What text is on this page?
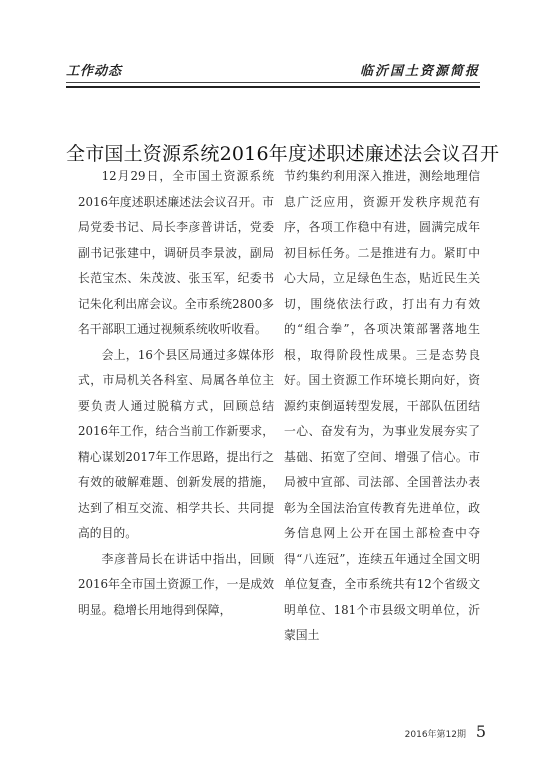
工作动态	临沂国土资源简报
全市国土资源系统2016年度述职述廉述法会议召开

12月29日，全市国土资源系统2016年度述职述廉述法会议召开。市局党委书记、局长李彦普讲话，党委副书记张建中，调研员李景波，副局长范宝杰、朱茂波、张玉军，纪委书记朱化利出席会议。全市系统2800多名干部职工通过视频系统收听收看。

会上，16个县区局通过多媒体形式，市局机关各科室、局属各单位主要负责人通过脱稿方式，回顾总结2016年工作，结合当前工作新要求，精心谋划2017年工作思路，提出行之有效的破解难题、创新发展的措施，达到了相互交流、相学共长、共同提高的目的。

李彦普局长在讲话中指出，回顾2016年全市国土资源工作，一是成效明显。稳增长用地得到保障，

节约集约利用深入推进，测绘地理信息广泛应用，资源开发秩序规范有序，各项工作稳中有进，圆满完成年初目标任务。二是推进有力。紧盯中心大局，立足绿色生态，贴近民生关切，围绕依法行政，打出有力有效的“组合拳”，各项决策部署落地生根，取得阶段性成果。三是态势良好。国土资源工作环境长期向好，资源约束倒逼转型发展，干部队伍团结一心、奋发有为，为事业发展夯实了基础、拓宽了空间、增强了信心。市局被中宣部、司法部、全国普法办表彰为全国法治宣传教育先进单位，政务信息网上公开在国土部检查中夺得“八连冠”，连续五年通过全国文明单位复查，全市系统共有12个省级文明单位、181个市县级文明单位，沂蒙国土

2016年第12期 5
